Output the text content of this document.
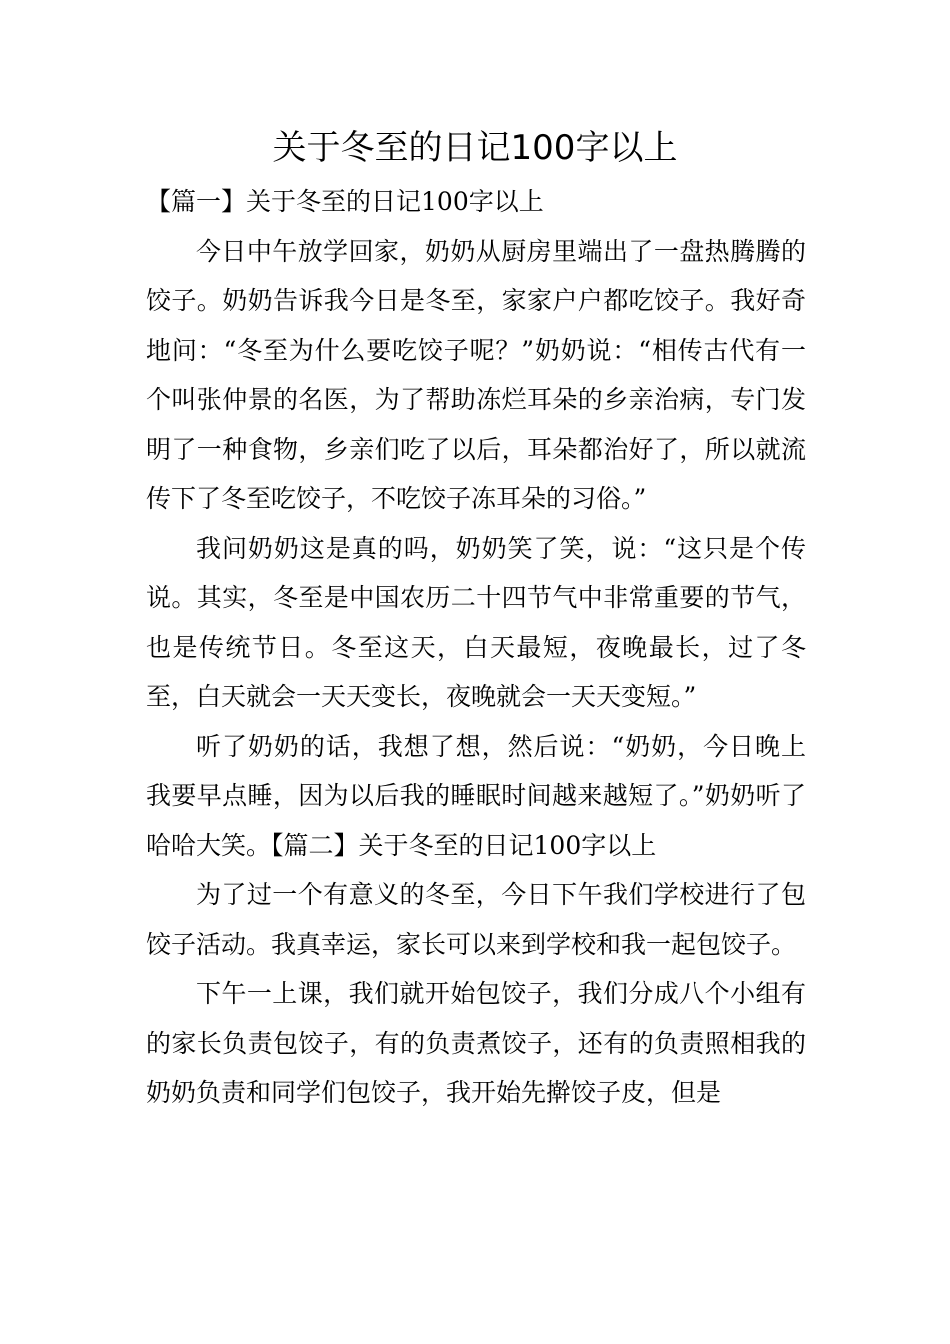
关于冬至的日记100字以上

【篇一】关于冬至的日记100字以上

今日中午放学回家，奶奶从厨房里端出了一盘热腾腾的饺子。奶奶告诉我今日是冬至，家家户户都吃饺子。我好奇地问：“冬至为什么要吃饺子呢？”奶奶说：“相传古代有一个叫张仲景的名医，为了帮助冻烂耳朵的乡亲治病，专门发明了一种食物，乡亲们吃了以后，耳朵都治好了，所以就流传下了冬至吃饺子，不吃饺子冻耳朵的习俗。”

我问奶奶这是真的吗，奶奶笑了笑，说：“这只是个传说。其实，冬至是中国农历二十四节气中非常重要的节气，也是传统节日。冬至这天，白天最短，夜晚最长，过了冬至，白天就会一天天变长，夜晚就会一天天变短。”

听了奶奶的话，我想了想，然后说：“奶奶，今日晚上我要早点睡，因为以后我的睡眠时间越来越短了。”奶奶听了哈哈大笑。【篇二】关于冬至的日记100字以上

为了过一个有意义的冬至，今日下午我们学校进行了包饺子活动。我真幸运，家长可以来到学校和我一起包饺子。

下午一上课，我们就开始包饺子，我们分成八个小组有的家长负责包饺子，有的负责煮饺子，还有的负责照相我的奶奶负责和同学们包饺子，我开始先擀饺子皮，但是
